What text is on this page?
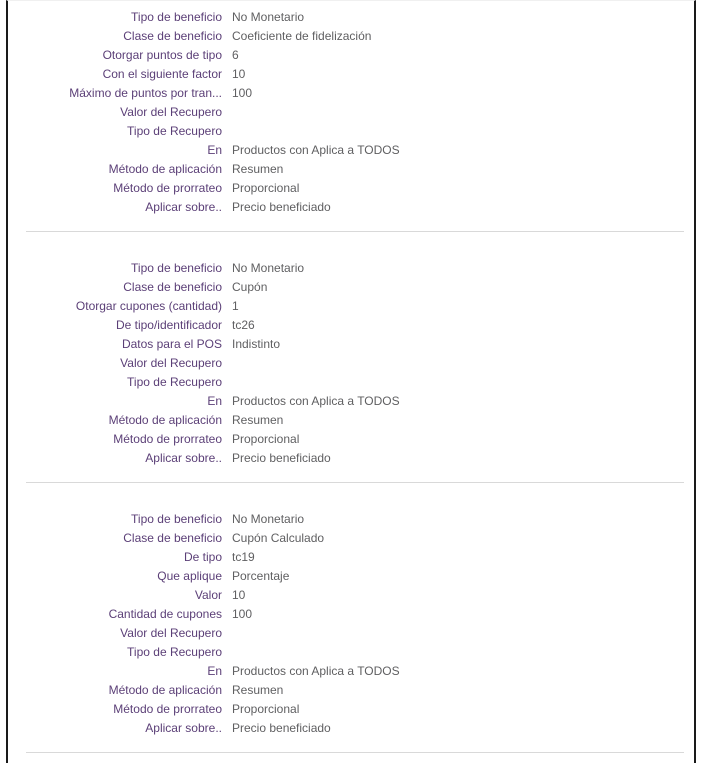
Tipo de beneficio No Monetario
Clase de beneficio Coeficiente de fidelización
Otorgar puntos de tipo 6
Con el siguiente factor 10
Máximo de puntos por tran... 100
Valor del Recupero
Tipo de Recupero
En Productos con Aplica a TODOS
Método de aplicación Resumen
Método de prorrateo Proporcional
Aplicar sobre.. Precio beneficiado
Tipo de beneficio No Monetario
Clase de beneficio Cupón
Otorgar cupones (cantidad) 1
De tipo/identificador tc26
Datos para el POS Indistinto
Valor del Recupero
Tipo de Recupero
En Productos con Aplica a TODOS
Método de aplicación Resumen
Método de prorrateo Proporcional
Aplicar sobre.. Precio beneficiado
Tipo de beneficio No Monetario
Clase de beneficio Cupón Calculado
De tipo tc19
Que aplique Porcentaje
Valor 10
Cantidad de cupones 100
Valor del Recupero
Tipo de Recupero
En Productos con Aplica a TODOS
Método de aplicación Resumen
Método de prorrateo Proporcional
Aplicar sobre.. Precio beneficiado
